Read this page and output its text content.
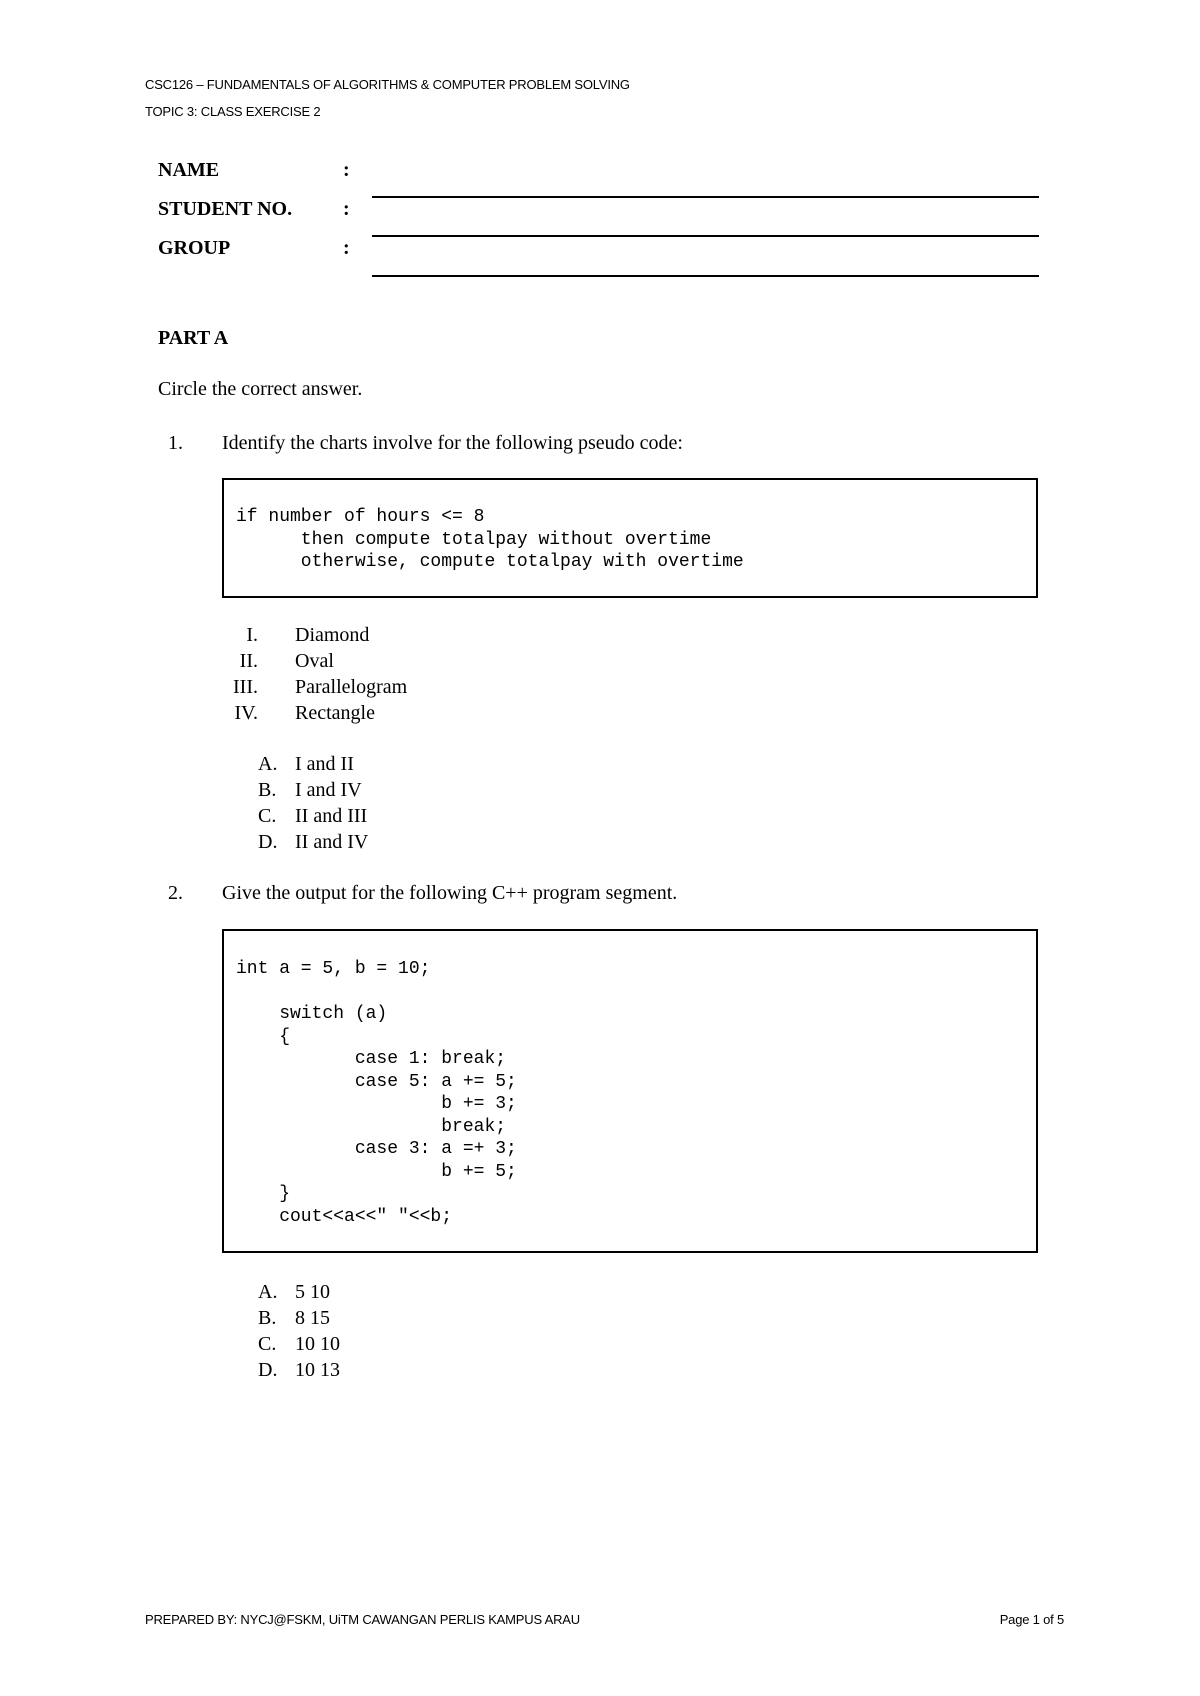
CSC126 – FUNDAMENTALS OF ALGORITHMS & COMPUTER PROBLEM SOLVING
TOPIC 3: CLASS EXERCISE 2
NAME	:
STUDENT NO.	:
GROUP	:
PART A
Circle the correct answer.
1. Identify the charts involve for the following pseudo code:
if number of hours <= 8
then compute totalpay without overtime
otherwise, compute totalpay with overtime
I. Diamond
II. Oval
III. Parallelogram
IV. Rectangle
A. I and II
B. I and IV
C. II and III
D. II and IV
2. Give the output for the following C++ program segment.
int a = 5, b = 10;

switch (a)
{
case 1: break;
case 5: a += 5;
b += 3;
break;
case 3: a =+ 3;
b += 5;
}
cout<<a<<" "<<b;
A. 5 10
B. 8 15
C. 10 10
D. 10 13
PREPARED BY: NYCJ@FSKM, UiTM CAWANGAN PERLIS KAMPUS ARAU	Page 1 of 5
